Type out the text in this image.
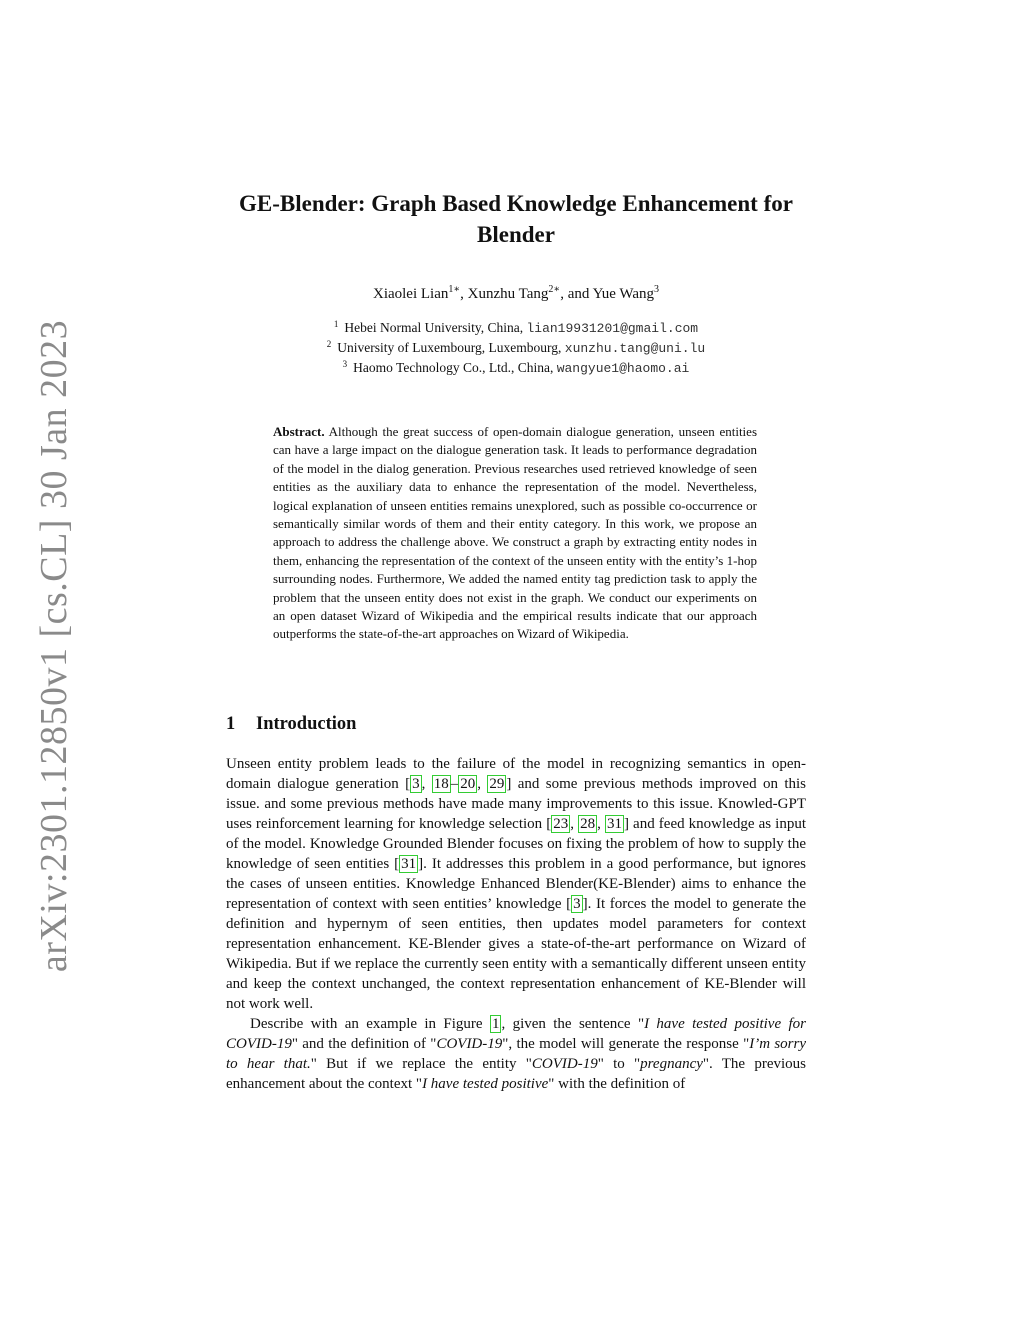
arXiv:2301.12850v1 [cs.CL] 30 Jan 2023
GE-Blender: Graph Based Knowledge Enhancement for Blender
Xiaolei Lian$^{1∗}$, Xunzhu Tang$^{2∗}$, and Yue Wang$^3$
$^1$ Hebei Normal University, China, lian19931201@gmail.com
$^2$ University of Luxembourg, Luxembourg, xunzhu.tang@uni.lu
$^3$ Haomo Technology Co., Ltd., China, wangyue1@haomo.ai
Abstract. Although the great success of open-domain dialogue generation, unseen entities can have a large impact on the dialogue generation task. It leads to performance degradation of the model in the dialog generation. Previous researches used retrieved knowledge of seen entities as the auxiliary data to enhance the representation of the model. Nevertheless, logical explanation of unseen entities remains unexplored, such as possible co-occurrence or semantically similar words of them and their entity category. In this work, we propose an approach to address the challenge above. We construct a graph by extracting entity nodes in them, enhancing the representation of the context of the unseen entity with the entity’s 1-hop surrounding nodes. Furthermore, We added the named entity tag prediction task to apply the problem that the unseen entity does not exist in the graph. We conduct our experiments on an open dataset Wizard of Wikipedia and the empirical results indicate that our approach outperforms the state-of-the-art approaches on Wizard of Wikipedia.
1 Introduction

Unseen entity problem leads to the failure of the model in recognizing semantics in open-domain dialogue generation [ 3 , 18 – 20 , 29 ] and some previous methods improved on this issue. and some previous methods have made many improvements to this issue. Knowled-GPT uses reinforcement learning for knowledge selection [ 23 , 28 , 31 ] and feed knowledge as input of the model. Knowledge Grounded Blender focuses on fixing the problem of how to supply the knowledge of seen entities [ 31 ]. It addresses this problem in a good performance, but ignores the cases of unseen entities. Knowledge Enhanced Blender(KE-Blender) aims to enhance the representation of context with seen entities’ knowledge [ 3 ]. It forces the model to generate the definition and hypernym of seen entities, then updates model parameters for context representation enhancement. KE-Blender gives a state-of-the-art performance on Wizard of Wikipedia. But if we replace the currently seen entity with a semantically different unseen entity and keep the context unchanged, the context representation enhancement of KE-Blender will not work well.

Describe with an example in Figure 1 , given the sentence "I have tested positive for COVID-19" and the definition of "COVID-19", the model will generate the response "I’m sorry to hear that." But if we replace the entity "COVID-19" to "pregnancy". The previous enhancement about the context "I have tested positive" with the definition of
